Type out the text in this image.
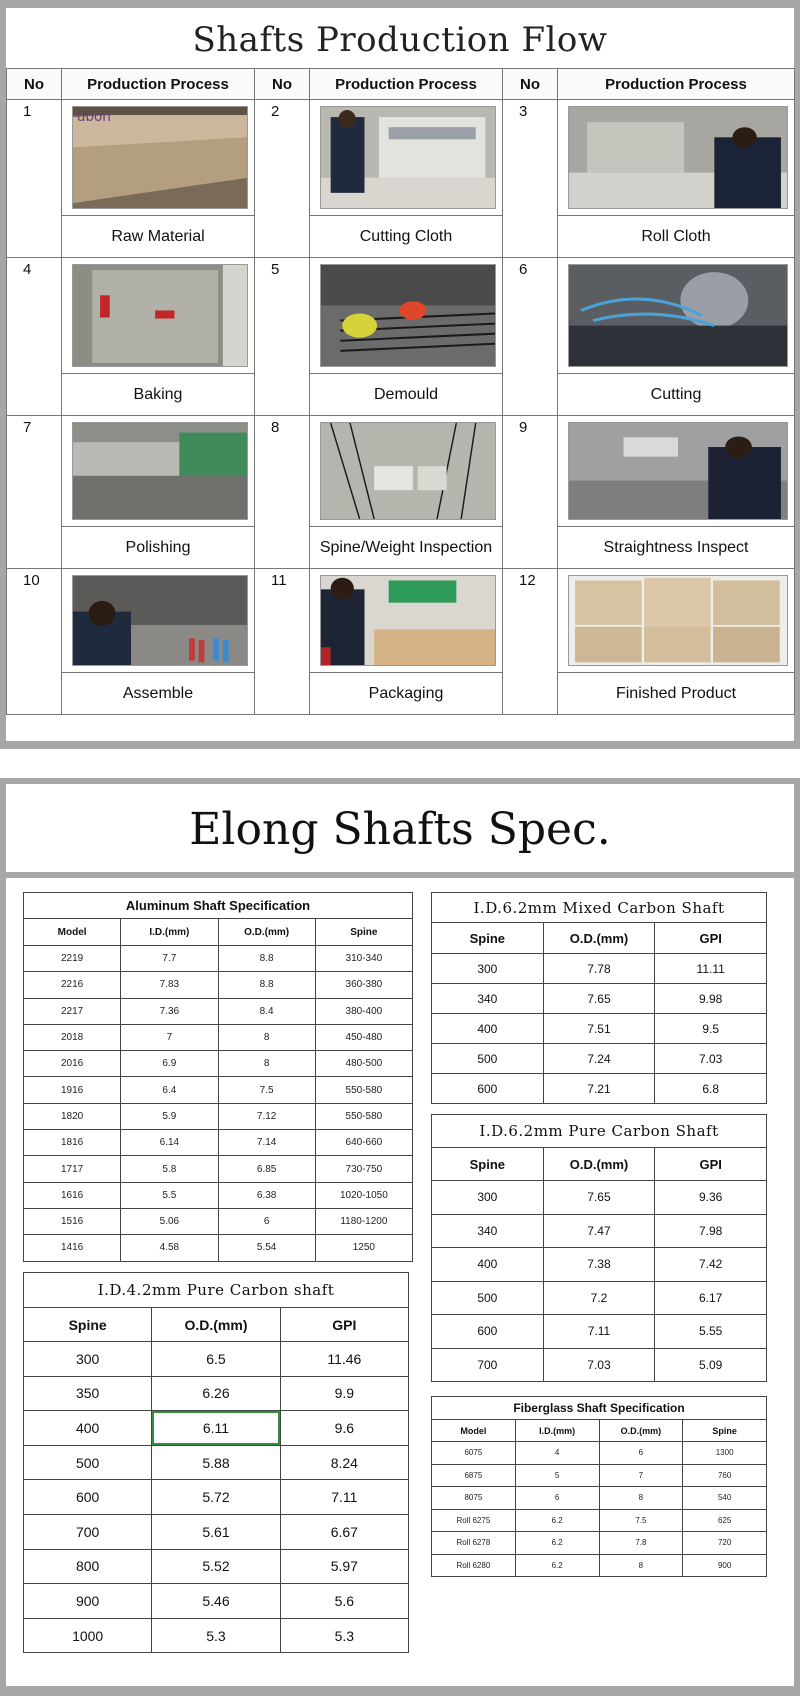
Shafts Production Flow
No	Production Process	No	Production Process	No	Production Process
1	ubon	2		3	

	Raw Material		Cutting Cloth		Roll Cloth
4		5		6	

	Baking		Demould		Cutting
7		8		9	

	Polishing		Spine/Weight Inspection		Straightness Inspect
10		11		12	

	Assemble		Packaging		Finished Product
Elong Shafts Spec.
Aluminum Shaft Specification
Model	I.D.(mm)	O.D.(mm)	Spine
2219	7.7	8.8	310-340
2216	7.83	8.8	360-380
2217	7.36	8.4	380-400
2018	7	8	450-480
2016	6.9	8	480-500
1916	6.4	7.5	550-580
1820	5.9	7.12	550-580
1816	6.14	7.14	640-660
1717	5.8	6.85	730-750
1616	5.5	6.38	1020-1050
1516	5.06	6	1180-1200
1416	4.58	5.54	1250
I.D.4.2mm Pure Carbon shaft
Spine	O.D.(mm)	GPI
300	6.5	11.46
350	6.26	9.9
400	6.11	9.6
500	5.88	8.24
600	5.72	7.11
700	5.61	6.67
800	5.52	5.97
900	5.46	5.6
1000	5.3	5.3
I.D.6.2mm Mixed Carbon Shaft
Spine	O.D.(mm)	GPI
300	7.78	11.11
340	7.65	9.98
400	7.51	9.5
500	7.24	7.03
600	7.21	6.8
I.D.6.2mm Pure Carbon Shaft
Spine	O.D.(mm)	GPI
300	7.65	9.36
340	7.47	7.98
400	7.38	7.42
500	7.2	6.17
600	7.11	5.55
700	7.03	5.09
Fiberglass Shaft Specification
Model	I.D.(mm)	O.D.(mm)	Spine
6075	4	6	1300
6875	5	7	760
8075	6	8	540
Roll 6275	6.2	7.5	625
Roll 6278	6.2	7.8	720
Roll 6280	6.2	8	900
